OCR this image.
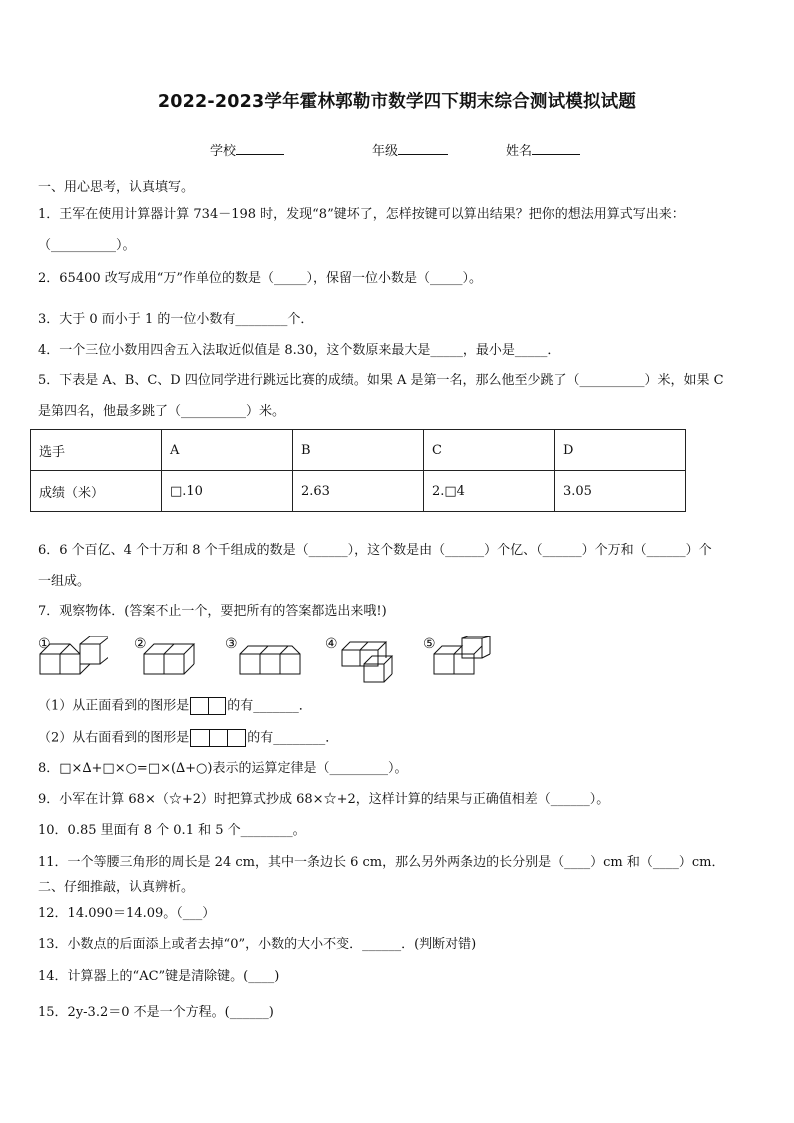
2022-2023学年霍林郭勒市数学四下期末综合测试模拟试题
学校	年级	姓名
一、用心思考，认真填写。
1．王军在使用计算器计算 734－198 时，发现“8”键坏了，怎样按键可以算出结果？把你的想法用算式写出来：
（__________）。
2．65400 改写成用“万”作单位的数是（_____），保留一位小数是（_____）。
3．大于 0 而小于 1 的一位小数有________个．
4．一个三位小数用四舍五入法取近似值是 8.30，这个数原来最大是_____，最小是_____．
5．下表是 A、B、C、D 四位同学进行跳远比赛的成绩。如果 A 是第一名，那么他至少跳了（__________）米，如果 C
是第四名，他最多跳了（__________）米。
选手	A	B	C	D
成绩（米）	□.10	2.63	2.□4	3.05
6．6 个百亿、4 个十万和 8 个千组成的数是（______），这个数是由（______）个亿、（______）个万和（______）个
一组成。
7．观察物体．(答案不止一个，要把所有的答案都选出来哦!)
①	②	③	④	⑤
（1）从正面看到的图形是	的有_______．
（2）从右面看到的图形是	的有________．
8．□×∆+□×○=□×(∆+○)表示的运算定律是（_________）。
9．小军在计算 68×（☆+2）时把算式抄成 68×☆+2，这样计算的结果与正确值相差（______）。
10．0.85 里面有 8 个 0.1 和 5 个________。
11．一个等腰三角形的周长是 24 cm，其中一条边长 6 cm，那么另外两条边的长分别是（____）cm 和（____）cm．
二、仔细推敲，认真辨析。
12．14.090＝14.09。（___）
13．小数点的后面添上或者去掉“0”，小数的大小不变．______．(判断对错)
14．计算器上的“AC”键是清除键。(____)
15．2y-3.2＝0 不是一个方程。(______)
